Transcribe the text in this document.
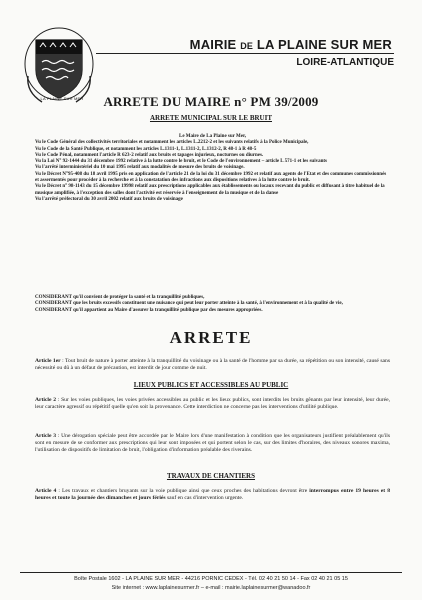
LA PLAINE SUR MER
MAIRIE DE LA PLAINE SUR MER
LOIRE-ATLANTIQUE
ARRETE DU MAIRE n° PM 39/2009
ARRETE MUNICIPAL SUR LE BRUIT

Le Maire de La Plaine sur Mer,

Vu le Code Général des collectivités territoriales et notamment les articles L.2212-2 et les suivants relatifs à la Police Municipale,

Vu le Code de la Santé Publique, et notamment les articles L.1311-1, L.1311-2, L.1312-2, R 48-1 à R 48-5

Vu le Code Pénal, notamment l'article R 623-2 relatif aux bruits et tapages injurieux, nocturnes ou diurnes.

Vu la Loi N° 92-1444 du 31 décembre 1992 relative à la lutte contre le bruit, et le Code de l'environnement – article L 571-1 et les suivants

Vu l'arrêté interministériel du 10 mai 1995 relatif aux modalités de mesure des bruits de voisinage.

Vu le Décret N°95-408 du 18 avril 1995 pris en application de l'article 21 de la loi du 31 décembre 1992 et relatif aux agents de l'Etat et des communes commissionnés et assermentés pour procéder à la recherche et à la constatation des infractions aux dispositions relatives à la lutte contre le bruit.

Vu le Décret n° 98-1143 du 15 décembre 19998 relatif aux prescriptions applicables aux établissements ou locaux recevant du public et diffusant à titre habituel de la musique amplifiée, à l'exception des salles dont l'activité est réservée à l'enseignement de la musique et de la danse

Vu l'arrêté préfectoral du 30 avril 2002 relatif aux bruits de voisinage

CONSIDERANT qu'il convient de protéger la santé et la tranquillité publiques,

CONSIDERANT que les bruits excessifs constituent une nuisance qui peut leur porter atteinte à la santé, à l'environnement et à la qualité de vie,

CONSIDERANT qu'il appartient au Maire d'assurer la tranquillité publique par des mesures appropriées.

ARRETE

Article 1er : Tout bruit de nature à porter atteinte à la tranquillité du voisinage ou à la santé de l'homme par sa durée, sa répétition ou son intensité, causé sans nécessité ou dû à un défaut de précaution, est interdit de jour comme de nuit.

LIEUX PUBLICS ET ACCESSIBLES AU PUBLIC

Article 2 : Sur les voies publiques, les voies privées accessibles au public et les lieux publics, sont interdits les bruits gênants par leur intensité, leur durée, leur caractère agressif ou répétitif quelle qu'en soit la provenance. Cette interdiction ne concerne pas les interventions d'utilité publique.

Article 3 : Une dérogation spéciale peut être accordée par le Maire lors d'une manifestation à condition que les organisateurs justifient préalablement qu'ils sont en mesure de se conformer aux prescriptions qui leur sont imposées et qui portent selon le cas, sur des limites d'horaires, des niveaux sonores maxima, l'utilisation de dispositifs de limitation de bruit, l'obligation d'information préalable des riverains.

TRAVAUX DE CHANTIERS

Article 4 : Les travaux et chantiers bruyants sur la voie publique ainsi que ceux proches des habitations devront être interrompus entre 19 heures et 8 heures et toute la journée des dimanches et jours fériés sauf en cas d'intervention urgente.

Boîte Postale 1602 - LA PLAINE SUR MER - 44216 PORNIC CEDEX - Tél. 02 40 21 50 14 - Fax 02 40 21 05 15
Site internet : www.laplainesurmer.fr – e-mail : mairie.laplainesurmer@wanadoo.fr
